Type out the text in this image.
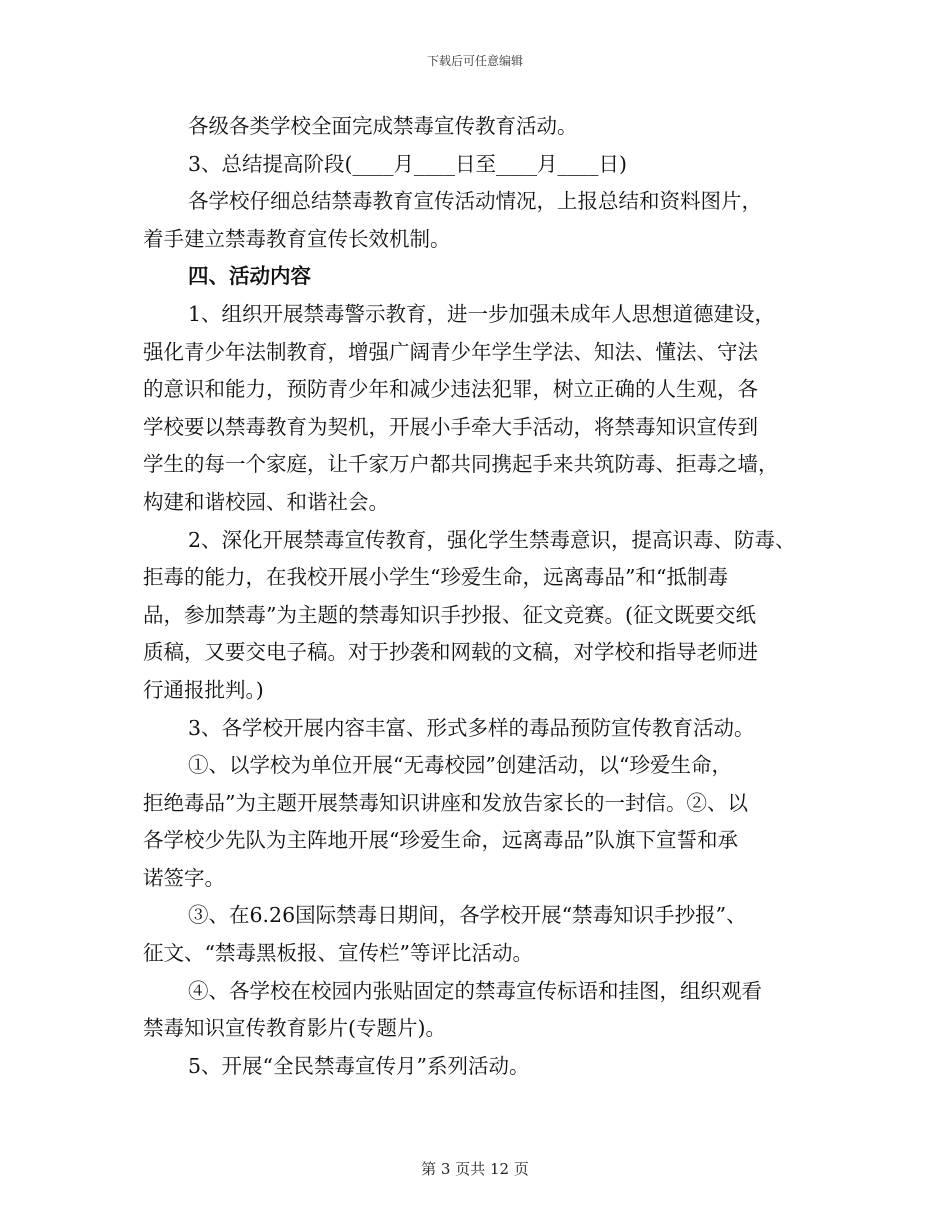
下载后可任意编辑
各级各类学校全面完成禁毒宣传教育活动。
3、总结提高阶段(____月____日至____月____日)
各学校仔细总结禁毒教育宣传活动情况，上报总结和资料图片，
着手建立禁毒教育宣传长效机制。
四、活动内容
1、组织开展禁毒警示教育，进一步加强未成年人思想道德建设，
强化青少年法制教育，增强广阔青少年学生学法、知法、懂法、守法
的意识和能力，预防青少年和减少违法犯罪，树立正确的人生观，各
学校要以禁毒教育为契机，开展小手牵大手活动，将禁毒知识宣传到
学生的每一个家庭，让千家万户都共同携起手来共筑防毒、拒毒之墙，
构建和谐校园、和谐社会。
2、深化开展禁毒宣传教育，强化学生禁毒意识，提高识毒、防毒、
拒毒的能力，在我校开展小学生“珍爱生命，远离毒品”和“抵制毒
品，参加禁毒”为主题的禁毒知识手抄报、征文竞赛。(征文既要交纸
质稿，又要交电子稿。对于抄袭和网载的文稿，对学校和指导老师进
行通报批判。)
3、各学校开展内容丰富、形式多样的毒品预防宣传教育活动。
①、以学校为单位开展“无毒校园”创建活动，以“珍爱生命，
拒绝毒品”为主题开展禁毒知识讲座和发放告家长的一封信。②、以
各学校少先队为主阵地开展“珍爱生命，远离毒品”队旗下宣誓和承
诺签字。
③、在6.26国际禁毒日期间，各学校开展“禁毒知识手抄报”、
征文、“禁毒黑板报、宣传栏”等评比活动。
④、各学校在校园内张贴固定的禁毒宣传标语和挂图，组织观看
禁毒知识宣传教育影片(专题片)。
5、开展“全民禁毒宣传月”系列活动。
第 3 页共 12 页
